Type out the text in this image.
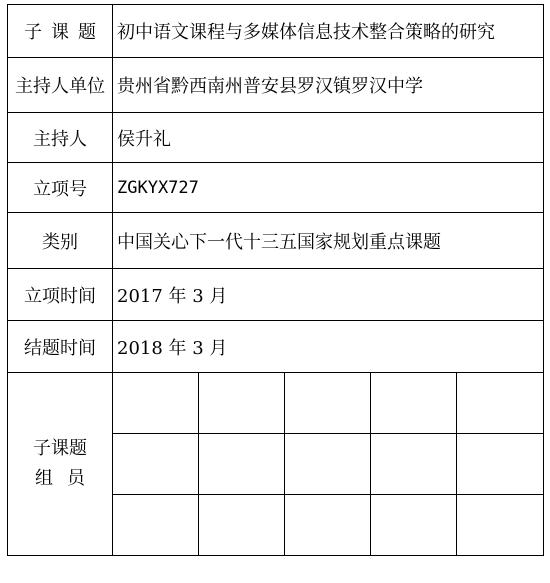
子课题	初中语文课程与多媒体信息技术整合策略的研究				
主持人单位	贵州省黔西南州普安县罗汉镇罗汉中学				
主持人	侯升礼				
立项号	ZGKYX727				
类别	中国关心下一代十三五国家规划重点课题				
立项时间	2017 年 3 月				
结题时间	2018 年 3 月				

子课题
组员					
